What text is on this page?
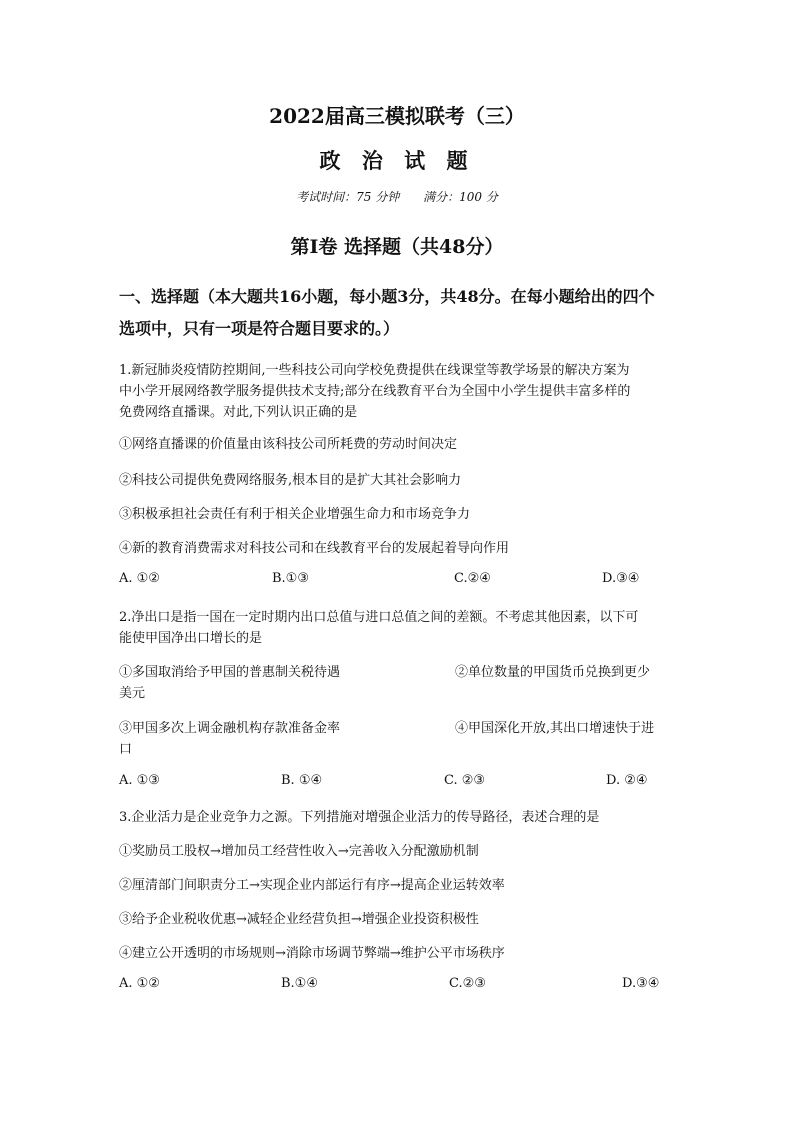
2022届高三模拟联考（三）
政 治 试 题
考试时间：75 分钟 满分：100 分
第Ⅰ卷 选择题（共48分）
一、选择题（本大题共16小题，每小题3分，共48分。在每小题给出的四个
选项中，只有一项是符合题目要求的。）
1.新冠肺炎疫情防控期间,一些科技公司向学校免费提供在线课堂等教学场景的解决方案为
中小学开展网络教学服务提供技术支持;部分在线教育平台为全国中小学生提供丰富多样的
免费网络直播课。对此,下列认识正确的是
①网络直播课的价值量由该科技公司所耗费的劳动时间决定
②科技公司提供免费网络服务,根本目的是扩大其社会影响力
③积极承担社会责任有利于相关企业增强生命力和市场竞争力
④新的教育消费需求对科技公司和在线教育平台的发展起着导向作用
A. ①②	B.①③	C.②④	D.③④
2.净出口是指一国在一定时期内出口总值与进口总值之间的差额。不考虑其他因素，以下可
能使甲国净出口增长的是
①多国取消给予甲国的普惠制关税待遇	②单位数量的甲国货币兑换到更少
美元
③甲国多次上调金融机构存款准备金率	④甲国深化开放,其出口增速快于进
口
A. ①③	B. ①④	C. ②③	D. ②④
3.企业活力是企业竞争力之源。下列措施对增强企业活力的传导路径，表述合理的是
①奖励员工股权→增加员工经营性收入→完善收入分配激励机制
②厘清部门间职责分工→实现企业内部运行有序→提高企业运转效率
③给予企业税收优惠→减轻企业经营负担→增强企业投资积极性
④建立公开透明的市场规则→消除市场调节弊端→维护公平市场秩序
A. ①②	B.①④	C.②③	D.③④
